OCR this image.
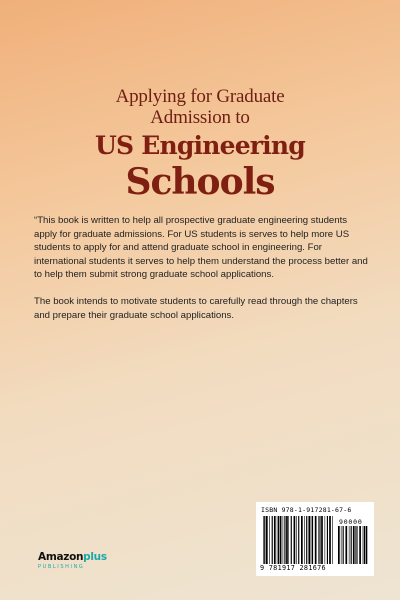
Applying for Graduate
Admission to
US Engineering
Schools

“This book is written to help all prospective graduate engineering students apply for graduate admissions. For US students is serves to help more US students to apply for and attend graduate school in engineering. For international students it serves to help them understand the process better and to help them submit strong graduate school applications.

The book intends to motivate students to carefully read through the chapters and prepare their graduate school applications.

Amazonplus
PUBLISHING
ISBN 978-1-917281-67-6
90000
9 781917 281676
